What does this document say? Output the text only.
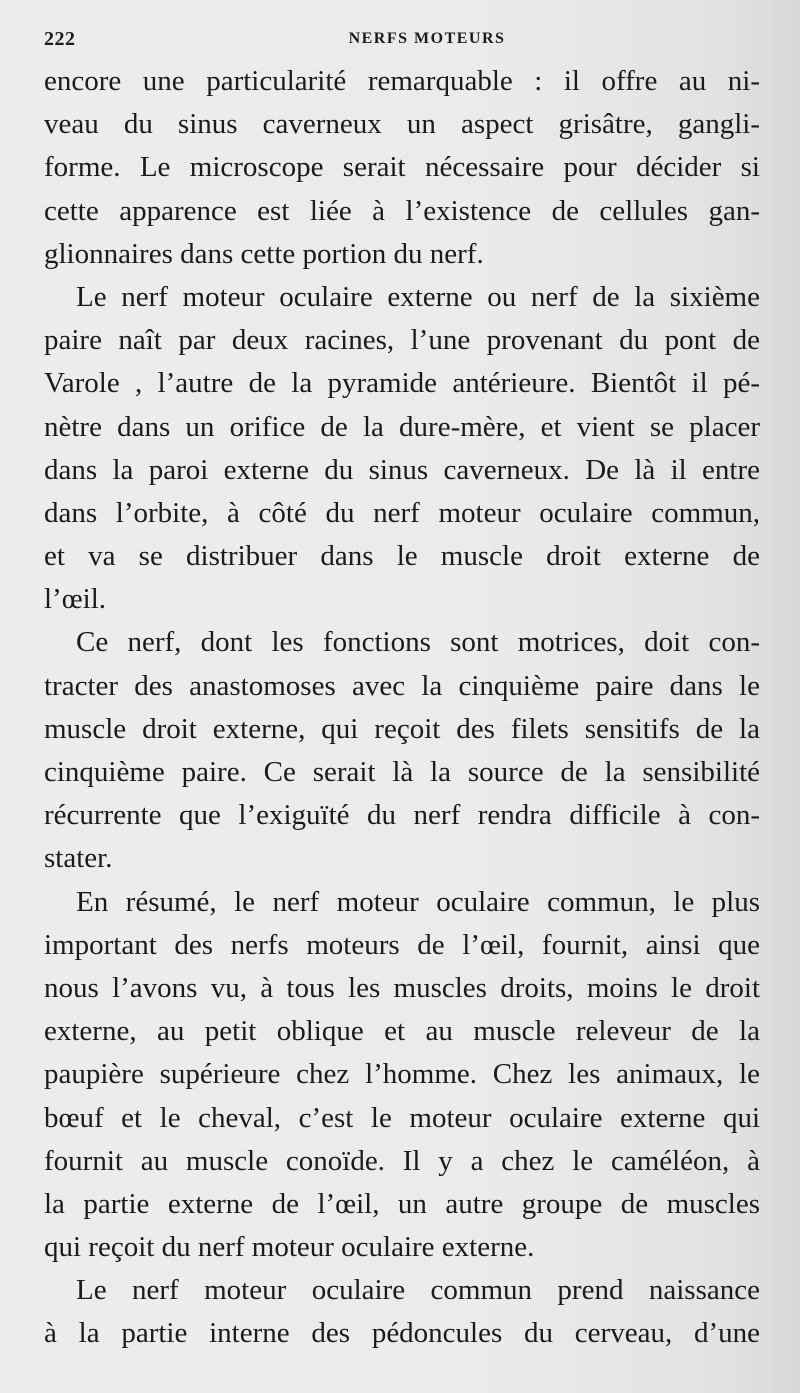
222	NERFS MOTEURS
encore une particularité remarquable : il offre au ni-
veau du sinus caverneux un aspect grisâtre, gangli-
forme. Le microscope serait nécessaire pour décider si
cette apparence est liée à l’existence de cellules gan-
glionnaires dans cette portion du nerf.
Le nerf moteur oculaire externe ou nerf de la sixième
paire naît par deux racines, l’une provenant du pont de
Varole , l’autre de la pyramide antérieure. Bientôt il pé-
nètre dans un orifice de la dure-mère, et vient se placer
dans la paroi externe du sinus caverneux. De là il entre
dans l’orbite, à côté du nerf moteur oculaire commun,
et va se distribuer dans le muscle droit externe de
l’œil.
Ce nerf, dont les fonctions sont motrices, doit con-
tracter des anastomoses avec la cinquième paire dans le
muscle droit externe, qui reçoit des filets sensitifs de la
cinquième paire. Ce serait là la source de la sensibilité
récurrente que l’exiguïté du nerf rendra difficile à con-
stater.
En résumé, le nerf moteur oculaire commun, le plus
important des nerfs moteurs de l’œil, fournit, ainsi que
nous l’avons vu, à tous les muscles droits, moins le droit
externe, au petit oblique et au muscle releveur de la
paupière supérieure chez l’homme. Chez les animaux, le
bœuf et le cheval, c’est le moteur oculaire externe qui
fournit au muscle conoïde. Il y a chez le caméléon, à
la partie externe de l’œil, un autre groupe de muscles
qui reçoit du nerf moteur oculaire externe.
Le nerf moteur oculaire commun prend naissance
à la partie interne des pédoncules du cerveau, d’une
